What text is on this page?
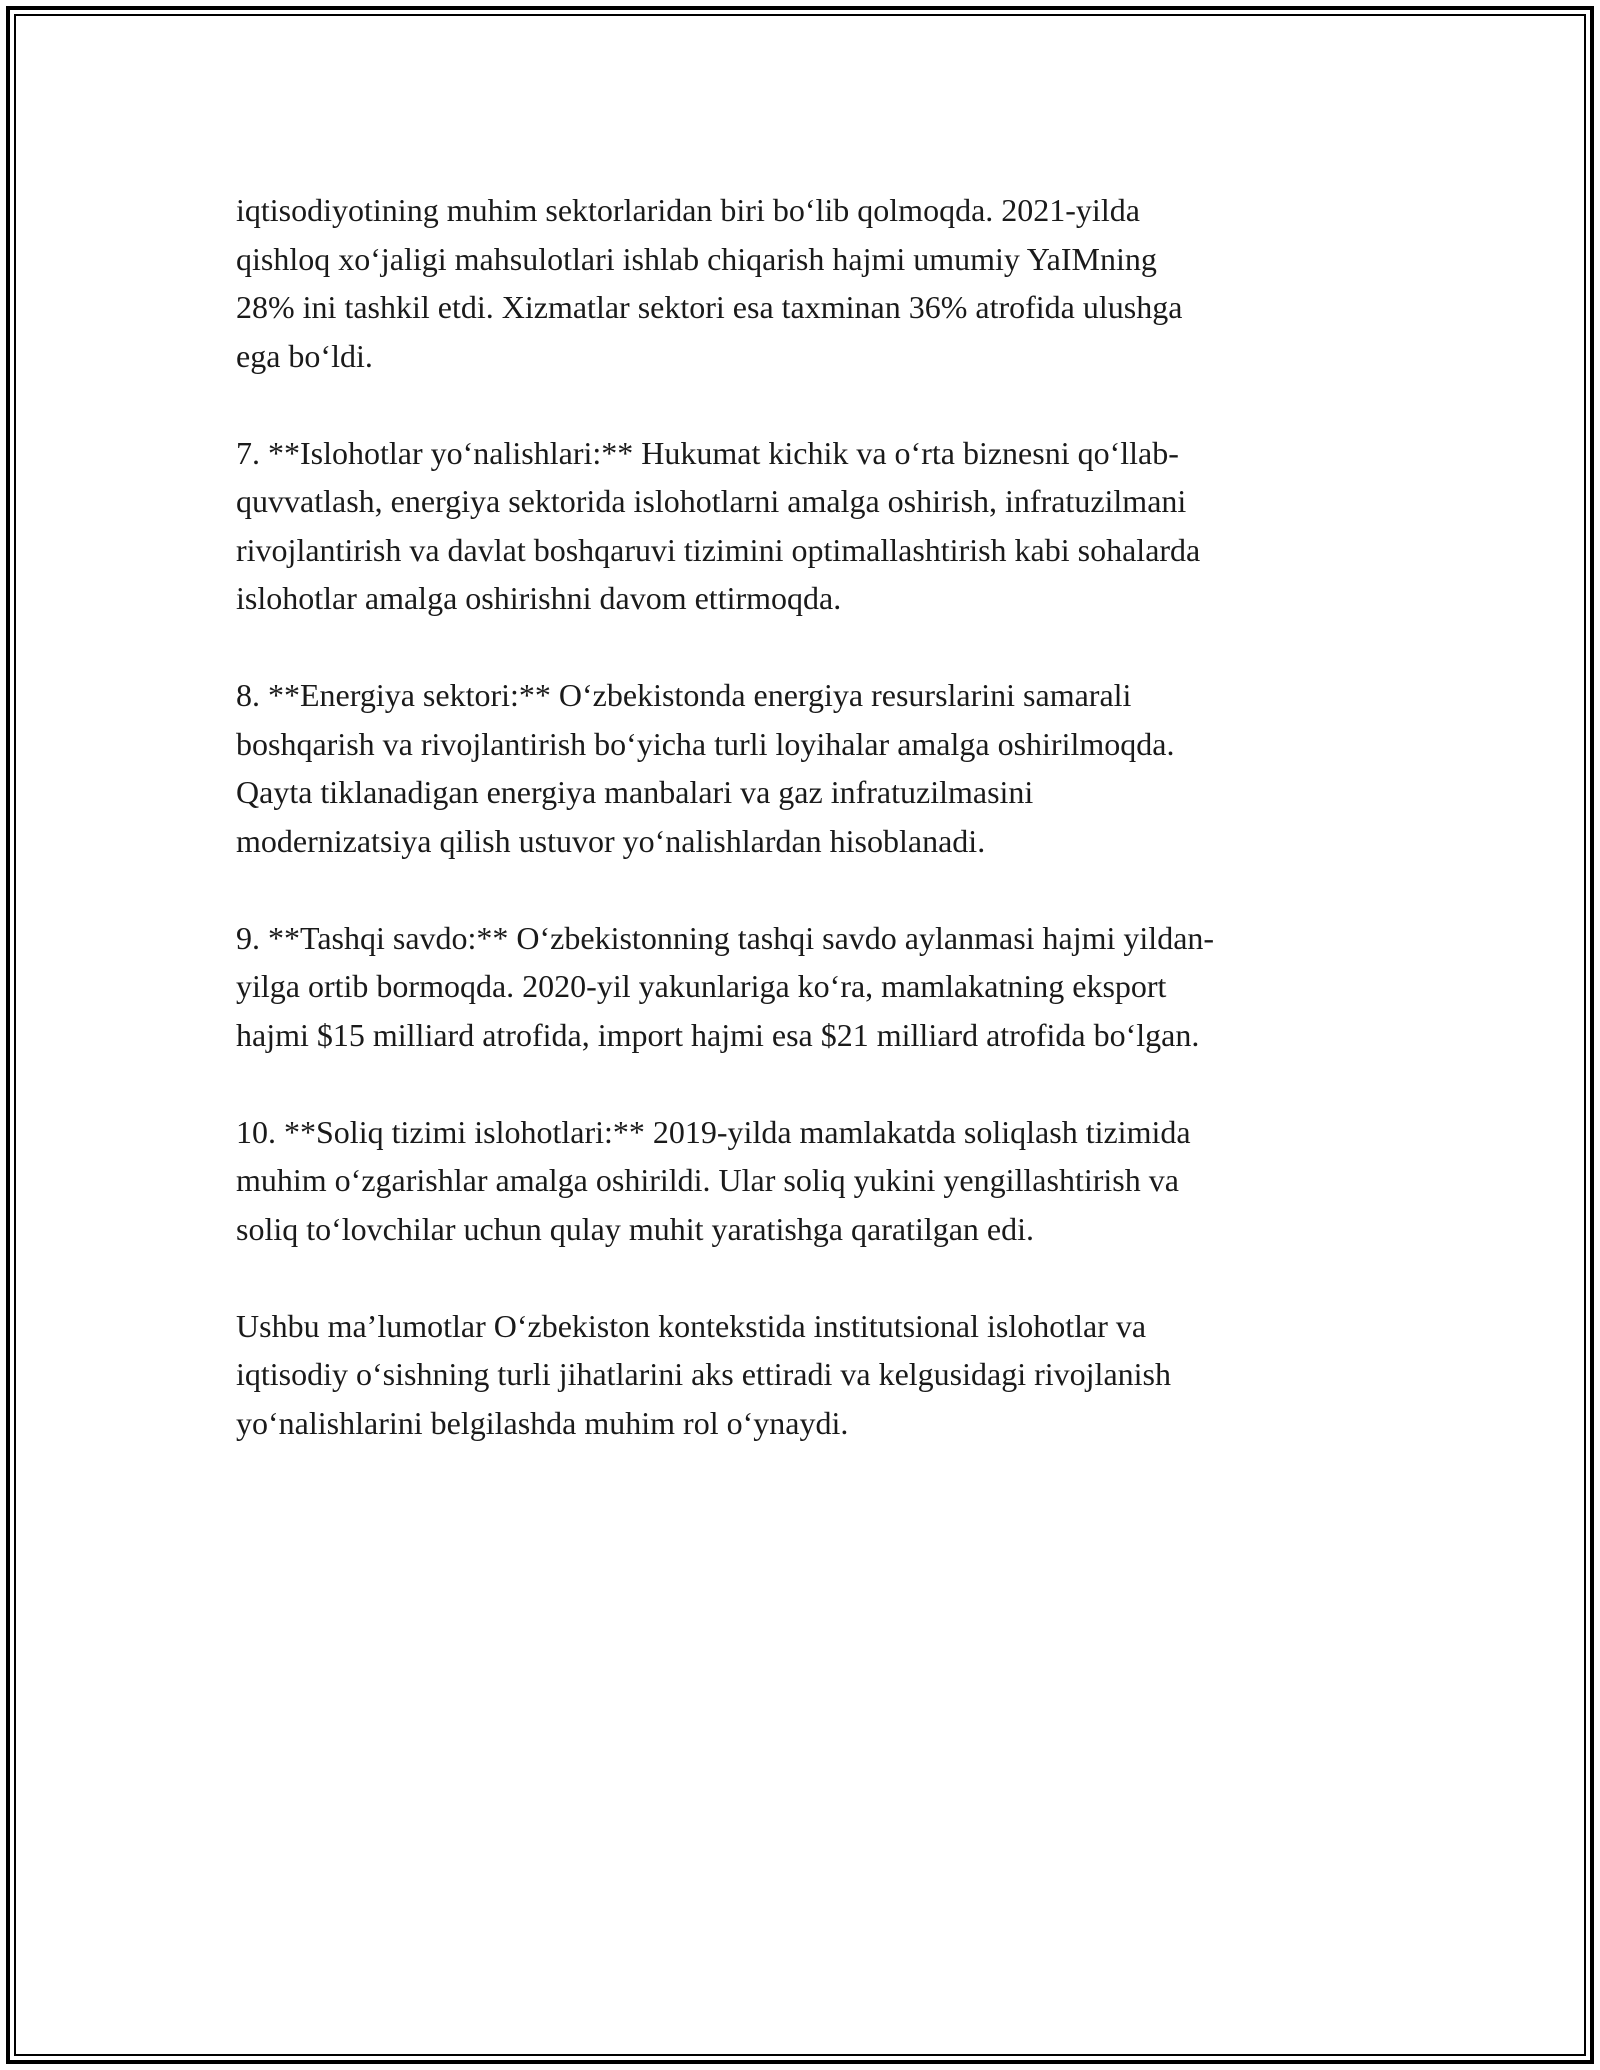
iqtisodiyotining muhim sektorlaridan biri bo‘lib qolmoqda. 2021-yilda
qishloq xo‘jaligi mahsulotlari ishlab chiqarish hajmi umumiy YaIMning
28% ini tashkil etdi. Xizmatlar sektori esa taxminan 36% atrofida ulushga
ega bo‘ldi.

7. **Islohotlar yo‘nalishlari:** Hukumat kichik va o‘rta biznesni qo‘llab-
quvvatlash, energiya sektorida islohotlarni amalga oshirish, infratuzilmani
rivojlantirish va davlat boshqaruvi tizimini optimallashtirish kabi sohalarda
islohotlar amalga oshirishni davom ettirmoqda.

8. **Energiya sektori:** O‘zbekistonda energiya resurslarini samarali
boshqarish va rivojlantirish bo‘yicha turli loyihalar amalga oshirilmoqda.
Qayta tiklanadigan energiya manbalari va gaz infratuzilmasini
modernizatsiya qilish ustuvor yo‘nalishlardan hisoblanadi.

9. **Tashqi savdo:** O‘zbekistonning tashqi savdo aylanmasi hajmi yildan-
yilga ortib bormoqda. 2020-yil yakunlariga ko‘ra, mamlakatning eksport
hajmi $15 milliard atrofida, import hajmi esa $21 milliard atrofida bo‘lgan.

10. **Soliq tizimi islohotlari:** 2019-yilda mamlakatda soliqlash tizimida
muhim o‘zgarishlar amalga oshirildi. Ular soliq yukini yengillashtirish va
soliq to‘lovchilar uchun qulay muhit yaratishga qaratilgan edi.

Ushbu ma’lumotlar O‘zbekiston kontekstida institutsional islohotlar va
iqtisodiy o‘sishning turli jihatlarini aks ettiradi va kelgusidagi rivojlanish
yo‘nalishlarini belgilashda muhim rol o‘ynaydi.
